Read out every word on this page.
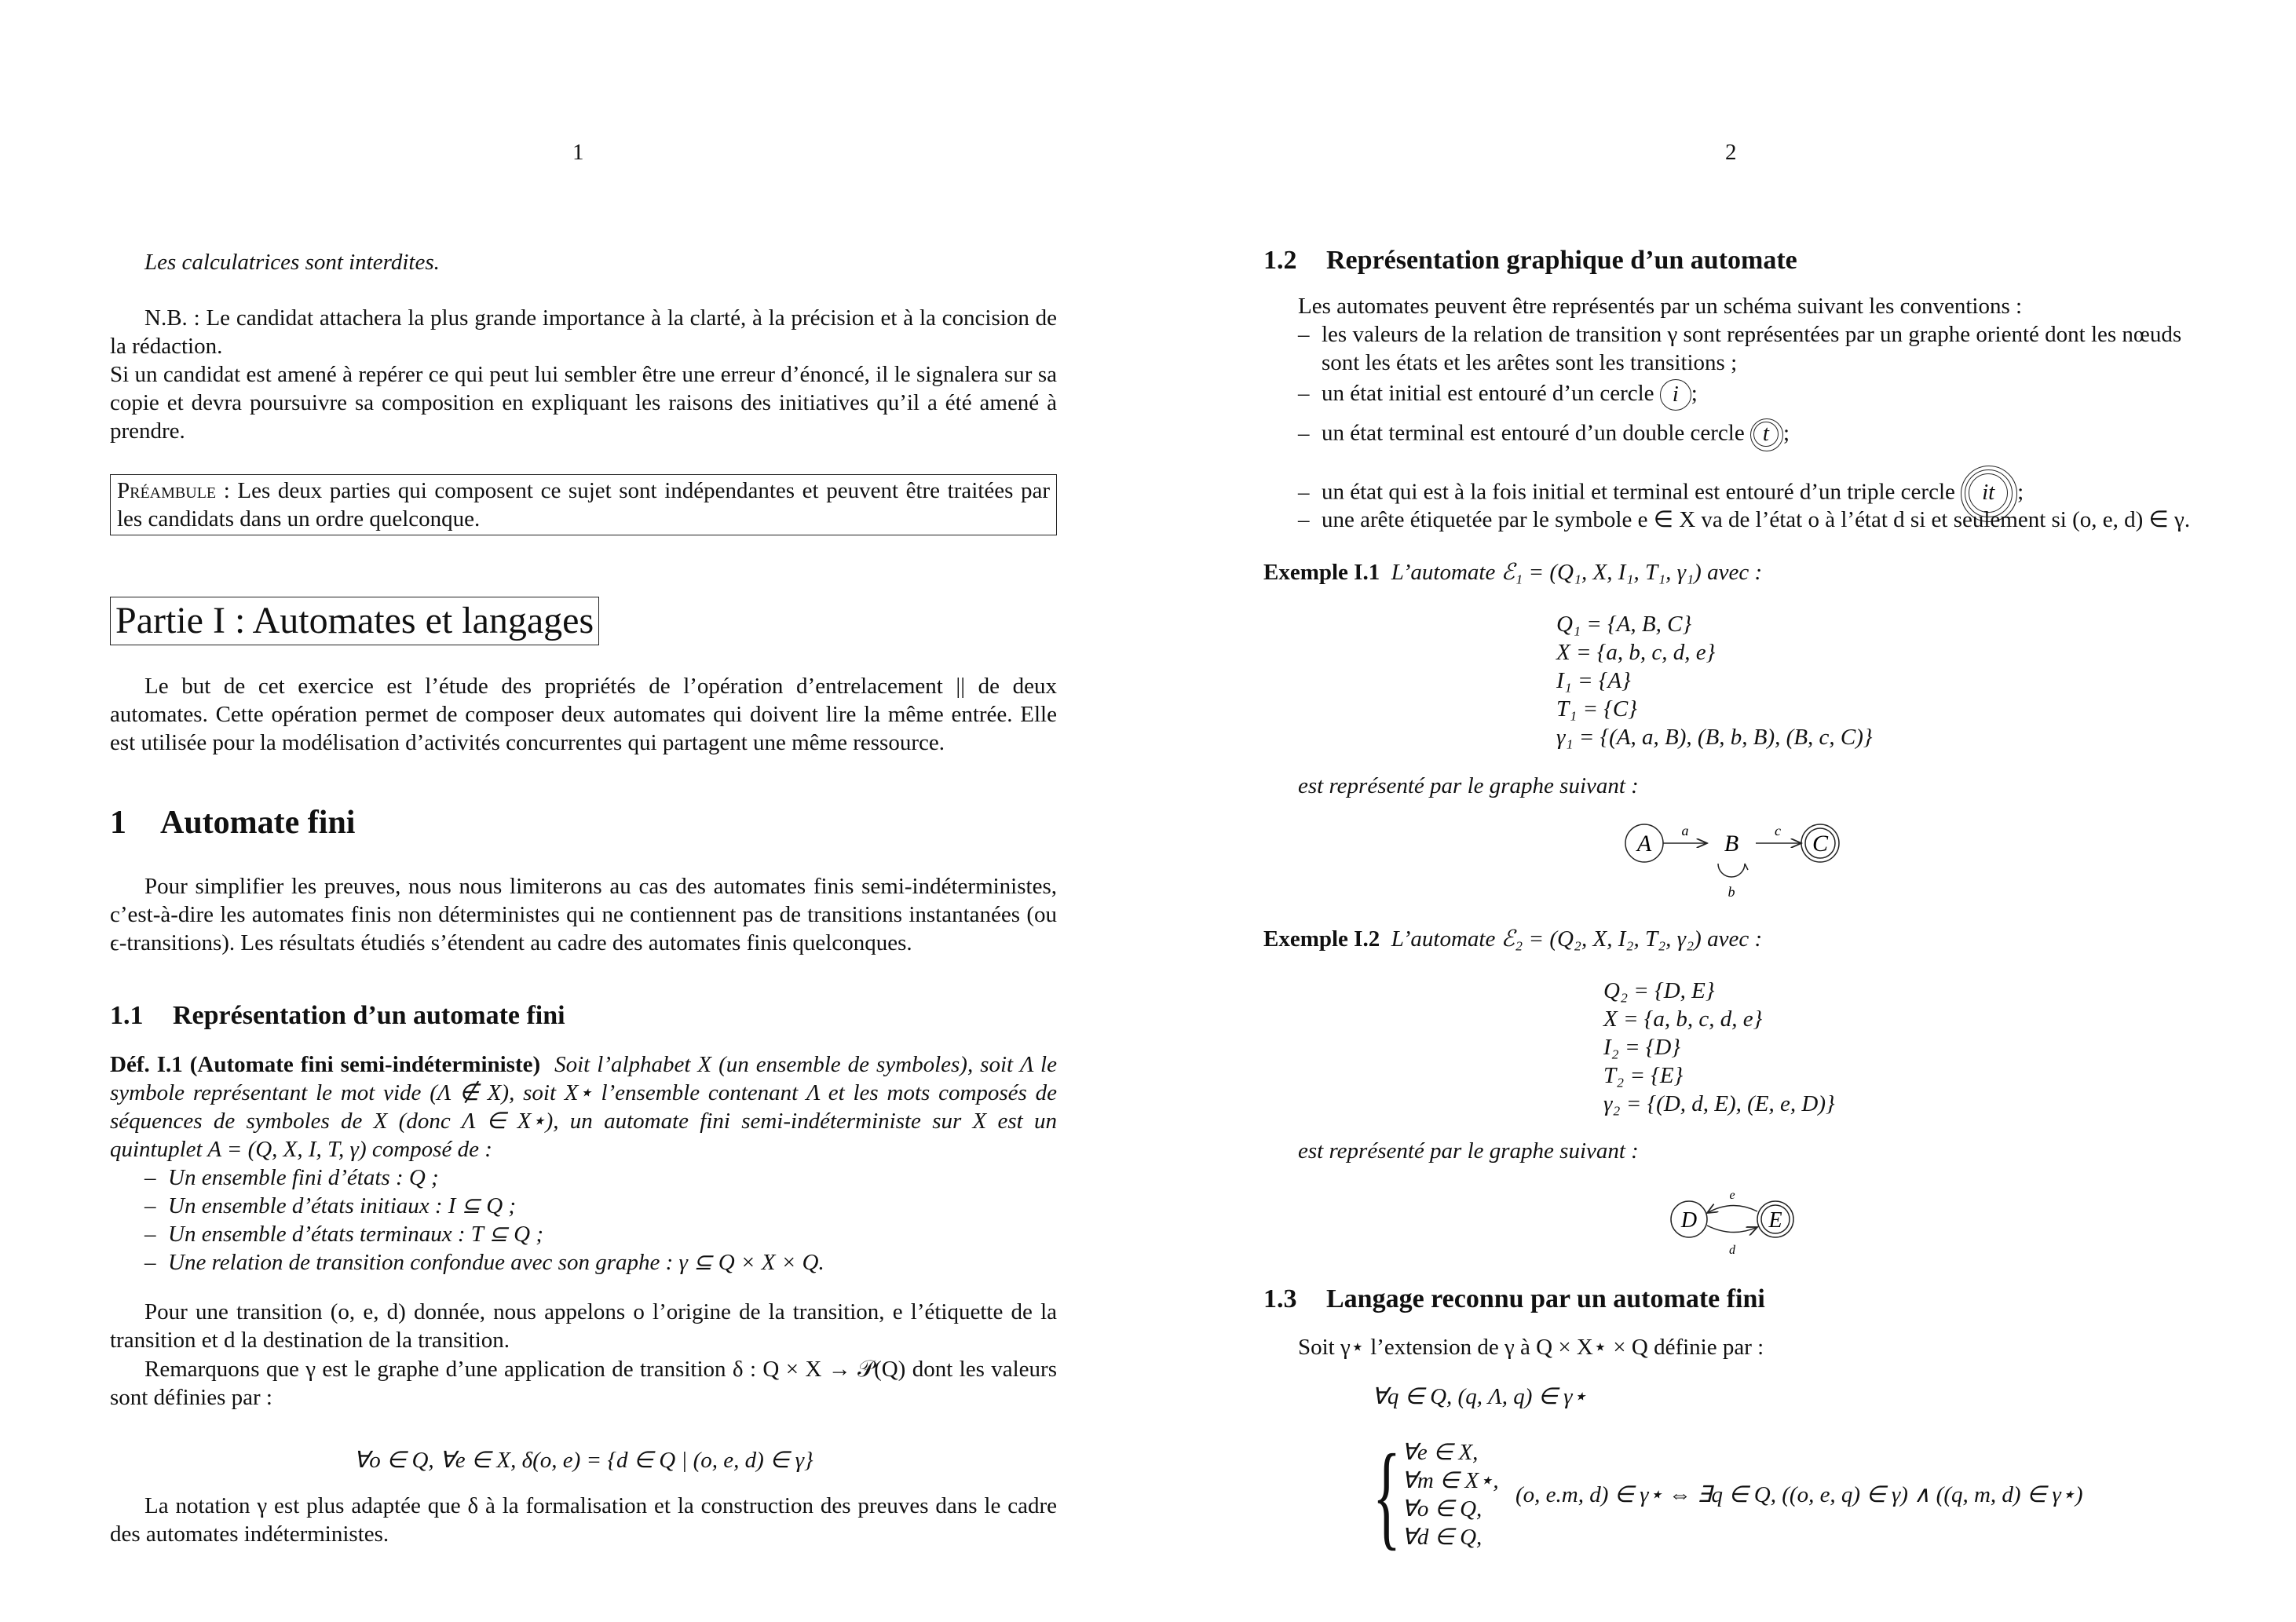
1	2
Les calculatrices sont interdites.
N.B. : Le candidat attachera la plus grande importance à la clarté, à la précision et à la concision de la rédaction.
Si un candidat est amené à repérer ce qui peut lui sembler être une erreur d’énoncé, il le signalera sur sa copie et devra poursuivre sa composition en expliquant les raisons des initiatives qu’il a été amené à prendre.
Préambule : Les deux parties qui composent ce sujet sont indépendantes et peuvent être traitées par les candidats dans un ordre quelconque.
Partie I : Automates et langages
Le but de cet exercice est l’étude des propriétés de l’opération d’entrelacement || de deux automates. Cette opération permet de composer deux automates qui doivent lire la même entrée. Elle est utilisée pour la modélisation d’activités concurrentes qui partagent une même ressource.
1 Automate fini
Pour simplifier les preuves, nous nous limiterons au cas des automates finis semi-indéterministes, c’est-à-dire les automates finis non déterministes qui ne contiennent pas de transitions instantanées (ou ϵ-transitions). Les résultats étudiés s’étendent au cadre des automates finis quelconques.
1.1 Représentation d’un automate fini
Déf. I.1 (Automate fini semi-indéterministe) Soit l’alphabet X (un ensemble de symboles), soit Λ le symbole représentant le mot vide (Λ ∉ X), soit X⋆ l’ensemble contenant Λ et les mots composés de séquences de symboles de X (donc Λ ∈ X⋆), un automate fini semi-indéterministe sur X est un quintuplet A = (Q, X, I, T, γ) composé de :
– Un ensemble fini d’états : Q ;
– Un ensemble d’états initiaux : I ⊆ Q ;
– Un ensemble d’états terminaux : T ⊆ Q ;
– Une relation de transition confondue avec son graphe : γ ⊆ Q × X × Q.
Pour une transition (o, e, d) donnée, nous appelons o l’origine de la transition, e l’étiquette de la transition et d la destination de la transition.
Remarquons que γ est le graphe d’une application de transition δ : Q × X → 𝒫(Q) dont les valeurs sont définies par :
∀o ∈ Q, ∀e ∈ X, δ(o, e) = {d ∈ Q | (o, e, d) ∈ γ}
La notation γ est plus adaptée que δ à la formalisation et la construction des preuves dans le cadre des automates indéterministes.
1.2 Représentation graphique d’un automate
Les automates peuvent être représentés par un schéma suivant les conventions :
– les valeurs de la relation de transition γ sont représentées par un graphe orienté dont les nœuds sont les états et les arêtes sont les transitions ;
– un état initial est entouré d’un cercle i ;
– un état terminal est entouré d’un double cercle t ;
– un état qui est à la fois initial et terminal est entouré d’un triple cercle	it ;
– une arête étiquetée par le symbole e ∈ X va de l’état o à l’état d si et seulement si (o, e, d) ∈ γ.
Exemple I.1 L’automate ℰ₁ = (Q₁, X, I₁, T₁, γ₁) avec :
Q₁ = {A, B, C}
X = {a, b, c, d, e}
I₁ = {A}
T₁ = {C}
γ₁ = {(A, a, B), (B, b, B), (B, c, C)}
est représenté par le graphe suivant :
A a B
b
c C
Exemple I.2 L’automate ℰ₂ = (Q₂, X, I₂, T₂, γ₂) avec :
Q₂ = {D, E}
X = {a, b, c, d, e}
I₂ = {D}
T₂ = {E}
γ₂ = {(D, d, E), (E, e, D)}
est représenté par le graphe suivant :
D
e
d
E
1.3 Langage reconnu par un automate fini
Soit γ⋆ l’extension de γ à Q × X⋆ × Q définie par :
∀q ∈ Q, (q, Λ, q) ∈ γ⋆
{ ∀e ∈ X,
∀m ∈ X⋆,
∀o ∈ Q,
∀d ∈ Q,
(o, e.m, d) ∈ γ⋆ ⇔ ∃q ∈ Q, ((o, e, q) ∈ γ) ∧ ((q, m, d) ∈ γ⋆)
